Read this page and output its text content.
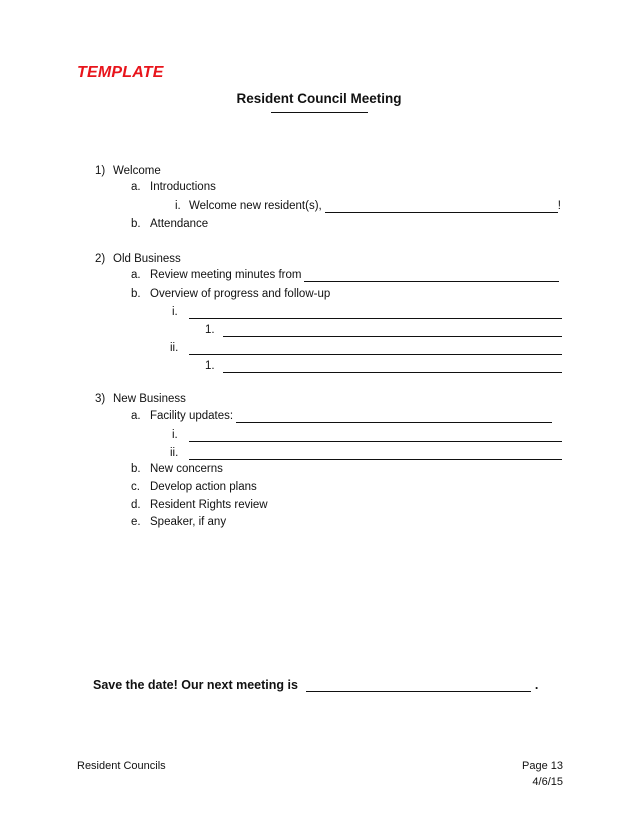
TEMPLATE
Resident Council Meeting
1) Welcome
a. Introductions
i. Welcome new resident(s),	!
b. Attendance
2) Old Business
a. Review meeting minutes from
b. Overview of progress and follow-up
i.
1.
ii.
1.
3) New Business
a. Facility updates:
i.
ii.
b. New concerns
c. Develop action plans
d. Resident Rights review
e. Speaker, if any
Save the date! Our next meeting is	.
Resident Councils	Page 13
4/6/15
